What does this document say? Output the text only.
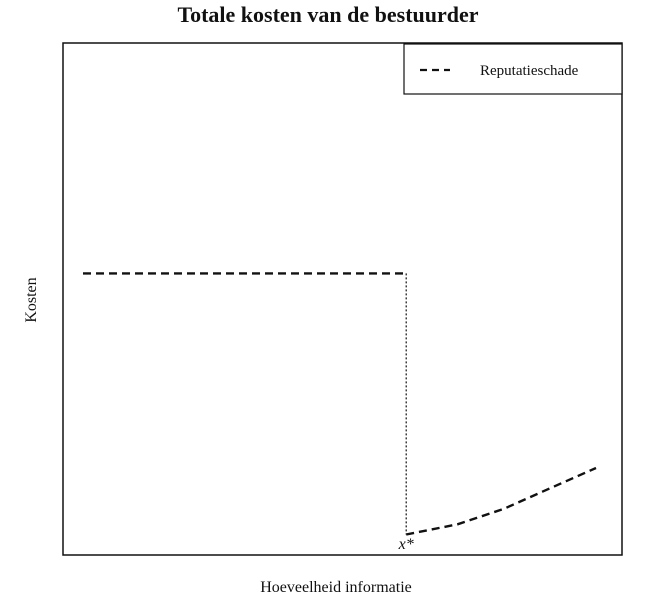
Totale kosten van de bestuurder
x*
Reputatieschade
Hoeveelheid informatie
Kosten
